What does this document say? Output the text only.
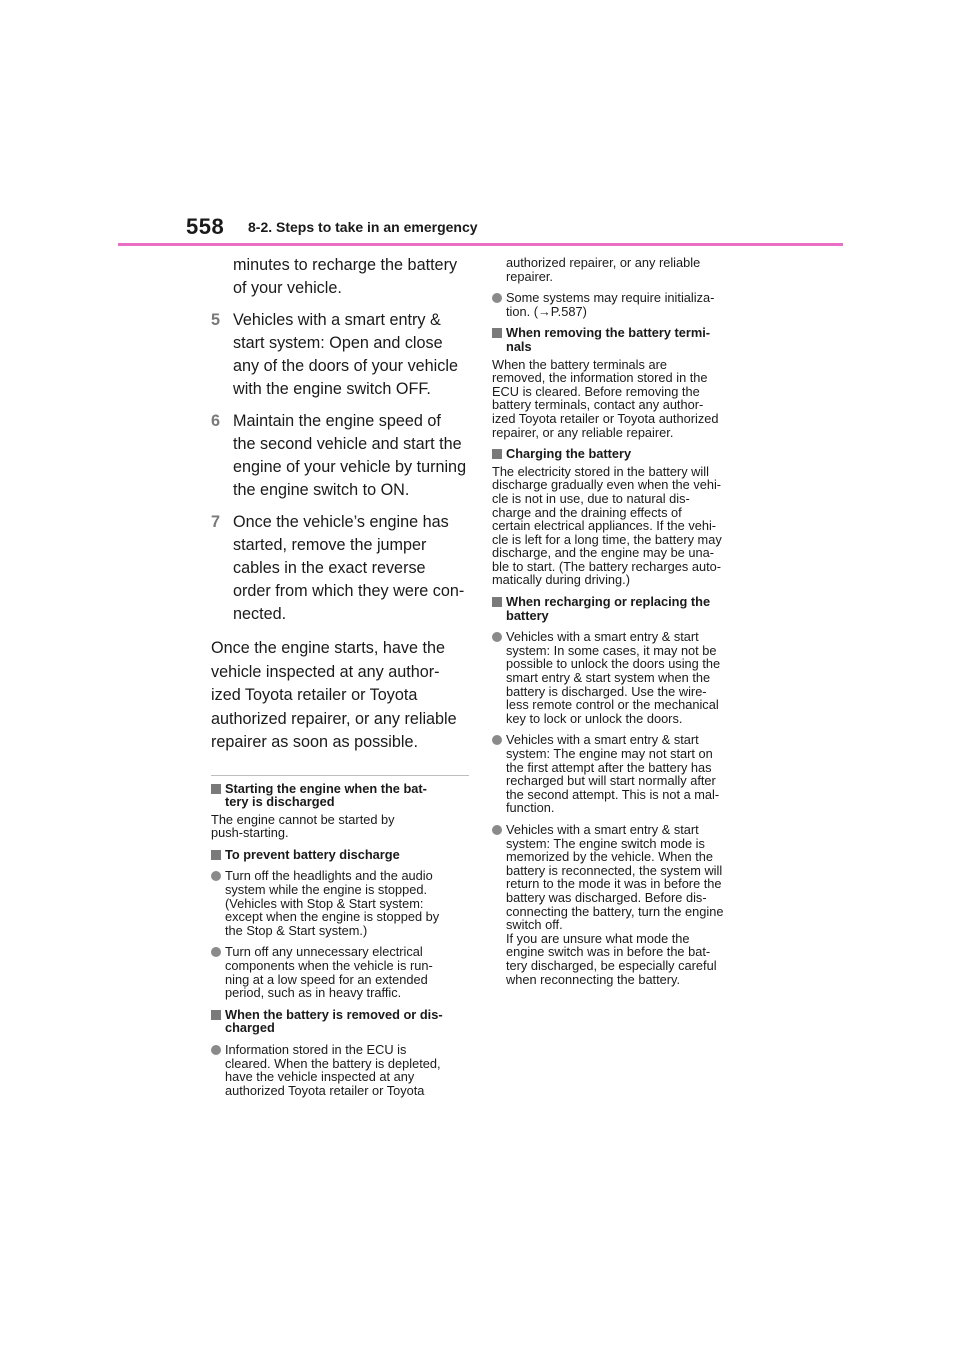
558 8-2. Steps to take in an emergency
minutes to recharge the battery
of your vehicle.
5 Vehicles with a smart entry &
start system: Open and close
any of the doors of your vehicle
with the engine switch OFF.
6 Maintain the engine speed of
the second vehicle and start the
engine of your vehicle by turning
the engine switch to ON.
7 Once the vehicle’s engine has
started, remove the jumper
cables in the exact reverse
order from which they were con-
nected.
Once the engine starts, have the
vehicle inspected at any author-
ized Toyota retailer or Toyota
authorized repairer, or any reliable
repairer as soon as possible.
Starting the engine when the bat-
tery is discharged
The engine cannot be started by
push-starting.
To prevent battery discharge
Turn off the headlights and the audio
system while the engine is stopped.
(Vehicles with Stop & Start system:
except when the engine is stopped by
the Stop & Start system.)
Turn off any unnecessary electrical
components when the vehicle is run-
ning at a low speed for an extended
period, such as in heavy traffic.
When the battery is removed or dis-
charged
Information stored in the ECU is
cleared. When the battery is depleted,
have the vehicle inspected at any
authorized Toyota retailer or Toyota
authorized repairer, or any reliable
repairer.
Some systems may require initializa-
tion. (→P.587)
When removing the battery termi-
nals
When the battery terminals are
removed, the information stored in the
ECU is cleared. Before removing the
battery terminals, contact any author-
ized Toyota retailer or Toyota authorized
repairer, or any reliable repairer.
Charging the battery
The electricity stored in the battery will
discharge gradually even when the vehi-
cle is not in use, due to natural dis-
charge and the draining effects of
certain electrical appliances. If the vehi-
cle is left for a long time, the battery may
discharge, and the engine may be una-
ble to start. (The battery recharges auto-
matically during driving.)
When recharging or replacing the
battery
Vehicles with a smart entry & start
system: In some cases, it may not be
possible to unlock the doors using the
smart entry & start system when the
battery is discharged. Use the wire-
less remote control or the mechanical
key to lock or unlock the doors.
Vehicles with a smart entry & start
system: The engine may not start on
the first attempt after the battery has
recharged but will start normally after
the second attempt. This is not a mal-
function.
Vehicles with a smart entry & start
system: The engine switch mode is
memorized by the vehicle. When the
battery is reconnected, the system will
return to the mode it was in before the
battery was discharged. Before dis-
connecting the battery, turn the engine
switch off.
If you are unsure what mode the
engine switch was in before the bat-
tery discharged, be especially careful
when reconnecting the battery.
